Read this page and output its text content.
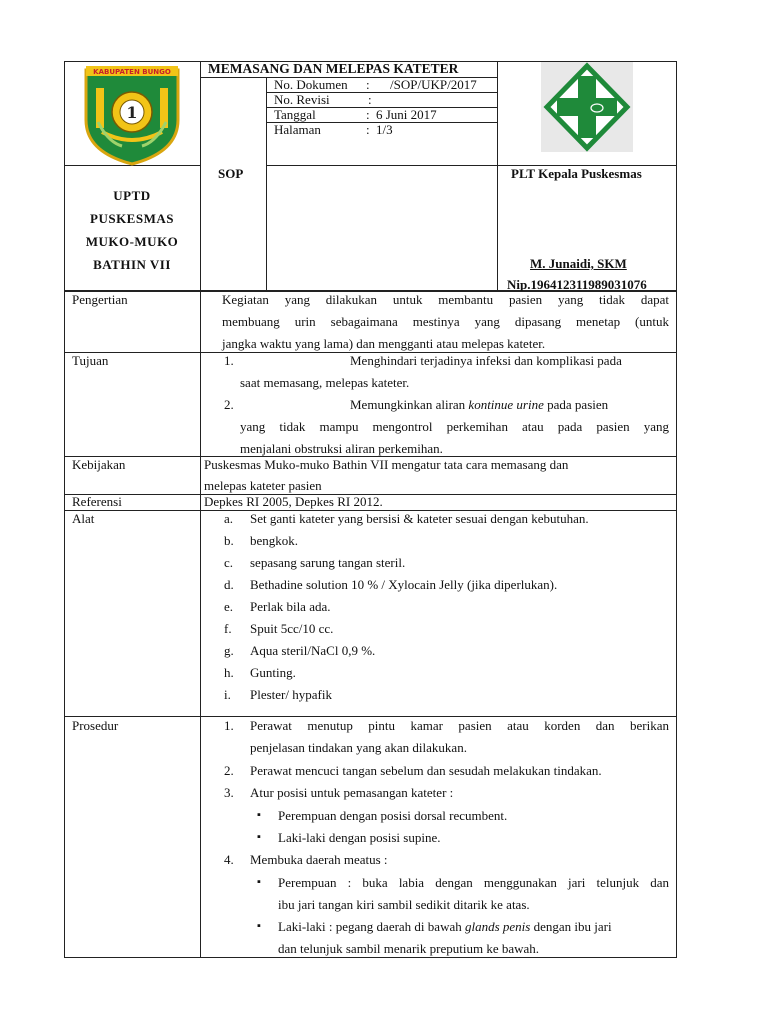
KABUPATEN BUNGO
1
MEMASANG DAN MELEPAS KATETER
No. Dokumen : /SOP/UKP/2017
No. Revisi	:
Tanggal	: 6 Juni 2017
Halaman	: 1/3
SOP
UPTD
PUSKESMAS
MUKO-MUKO
BATHIN VII
PLT Kepala Puskesmas
M. Junaidi, SKM
Nip.196412311989031076
Pengertian	Kegiatan yang dilakukan untuk membantu pasien yang tidak dapat
membuang urin sebagaimana mestinya yang dipasang menetap (untuk
jangka waktu yang lama) dan mengganti atau melepas kateter.
Tujuan	1.	Menghindari terjadinya infeksi dan komplikasi pada
saat memasang, melepas kateter.
2.	Memungkinkan aliran kontinue urine pada pasien
yang tidak mampu mengontrol perkemihan atau pada pasien yang
menjalani obstruksi aliran perkemihan.
Kebijakan	Puskesmas Muko-muko Bathin VII mengatur tata cara memasang dan
melepas kateter pasien
Referensi	Depkes RI 2005, Depkes RI 2012.
Alat	a. Set ganti kateter yang bersisi & kateter sesuai dengan kebutuhan.
b. bengkok.
c. sepasang sarung tangan steril.
d. Bethadine solution 10 % / Xylocain Jelly (jika diperlukan).
e. Perlak bila ada.
f. Spuit 5cc/10 cc.
g. Aqua steril/NaCl 0,9 %.
h. Gunting.
i. Plester/ hypafik
Prosedur	1. Perawat menutup pintu kamar pasien atau korden dan berikan
penjelasan tindakan yang akan dilakukan.
2. Perawat mencuci tangan sebelum dan sesudah melakukan tindakan.
3. Atur posisi untuk pemasangan kateter :
▪ Perempuan dengan posisi dorsal recumbent.
▪ Laki-laki dengan posisi supine.
4. Membuka daerah meatus :
▪ Perempuan : buka labia dengan menggunakan jari telunjuk dan
ibu jari tangan kiri sambil sedikit ditarik ke atas.
▪ Laki-laki : pegang daerah di bawah glands penis dengan ibu jari
dan telunjuk sambil menarik preputium ke bawah.
